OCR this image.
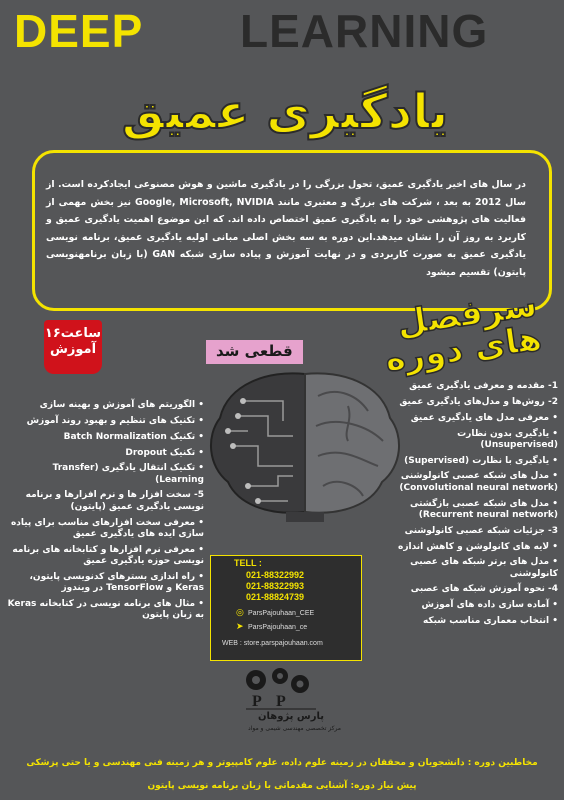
DEEP LEARNING
یادگیری عمیق
در سال های اخیر یادگیری عمیق، تحول بزرگی را در یادگیری ماشین و هوش مصنوعی ایجادکرده است. از سال 2012 به بعد ، شرکت های بزرگ و معتبری مانند Google, Microsoft, NVIDIA نیز بخش مهمی از فعالیت های پژوهشی خود را به یادگیری عمیق اختصاص داده اند. که این موضوع اهمیت یادگیری عمیق و کاربرد به روز آن را نشان میدهد.این دوره به سه بخش اصلی مبانی اولیه یادگیری عمیق، برنامه نویسی یادگیری عمیق به صورت کاربردی و در نهایت آموزش و پیاده سازی شبکه GAN (با زبان برنامهنویسی پایتون) تقسیم میشود
سرفصل های دوره
۱۶ساعت
آموزش	قطعی شد
1- مقدمه و معرفی یادگیری عمیق
2- روش‌ها و مدل‌های یادگیری عمیق
• معرفی مدل های یادگیری عمیق
• یادگیری بدون نظارت (Unsupervised)
• یادگیری با نظارت (Supervised)
• مدل های شبکه عصبی کانولوشنی (Convolutional neural network)
• مدل های شبکه عصبی بازگشتی (Recurrent neural network)
3- جزئیات شبکه عصبی کانولوشنی
• لایه های کانولوشن و کاهش اندازه
• مدل های برتر شبکه های عصبی کانولوشنی
4- نحوه آموزش شبکه های عصبی
• آماده سازی داده های آموزش
• انتخاب معماری مناسب شبکه
• الگوریتم های آموزش و بهینه سازی
• تکنیک های تنظیم و بهبود روند آموزش
• تکنیک Batch Normalization
• تکنیک Dropout
• تکنیک انتقال یادگیری (Transfer Learning)
5- سخت افزار ها و نرم افزارها و برنامه نویسی یادگیری عمیق (پایتون)
• معرفی سخت افزارهای مناسب برای پیاده سازی ایده های یادگیری عمیق
• معرفی نرم افزارها و کتابخانه های برنامه نویسی حوزه یادگیری عمیق
• راه اندازی بسترهای کدنویسی پایتون، Keras و TensorFlow در ویندوز
• مثال های برنامه نویسی در کتابخانه Keras به زبان پایتون
TELL :
021-88322992
021-88322993
021-88824739
◎ ParsPajouhaan_CEE
➤ ParsPajouhaan_ce
WEB : store.parspajouhaan.com
P P
پارس پژوهان
مرکز تخصصی مهندسی شیمی و مواد
مخاطبین دوره : دانشجویان و محققان در زمینه علوم داده، علوم کامپیوتر و هر زمینه فنی مهندسی و یا حتی پزشکی
پیش نیاز دوره: آشنایی مقدماتی با زبان برنامه نویسی پایتون
